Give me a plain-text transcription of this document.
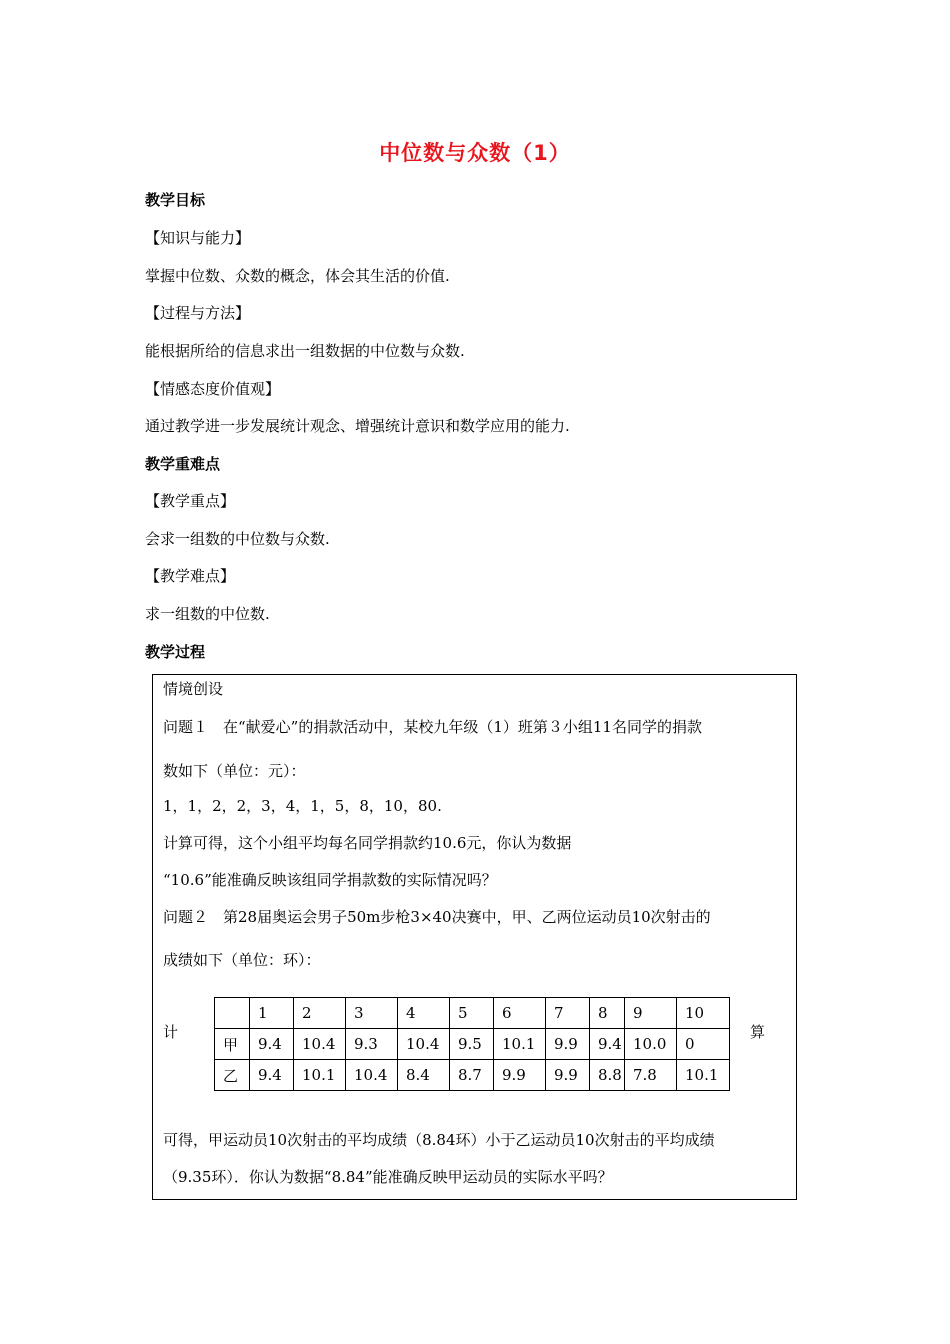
中位数与众数（1）
教学目标
【知识与能力】
掌握中位数、众数的概念，体会其生活的价值.
【过程与方法】
能根据所给的信息求出一组数据的中位数与众数.
【情感态度价值观】
通过教学进一步发展统计观念、增强统计意识和数学应用的能力.
教学重难点
【教学重点】
会求一组数的中位数与众数.
【教学难点】
求一组数的中位数.
教学过程
情境创设
问题１　在“献爱心”的捐款活动中，某校九年级（1）班第３小组11名同学的捐款
数如下（单位：元）：
1，1，2，2，3，4，1，5，8，10，80.
计算可得，这个小组平均每名同学捐款约10.6元，你认为数据
“10.6”能准确反映该组同学捐款数的实际情况吗？
问题２　第28届奥运会男子50m步枪3×40决赛中，甲、乙两位运动员10次射击的
成绩如下（单位：环）：
计	算
	1	2	3	4	5	6	7	8	9	10
甲	9.4	10.4	9.3	10.4	9.5	10.1	9.9	9.4	10.0	0
乙	9.4	10.1	10.4	8.4	8.7	9.9	9.9	8.8	7.8	10.1
可得，甲运动员10次射击的平均成绩（8.84环）小于乙运动员10次射击的平均成绩
（9.35环）．你认为数据“8.84”能准确反映甲运动员的实际水平吗？
